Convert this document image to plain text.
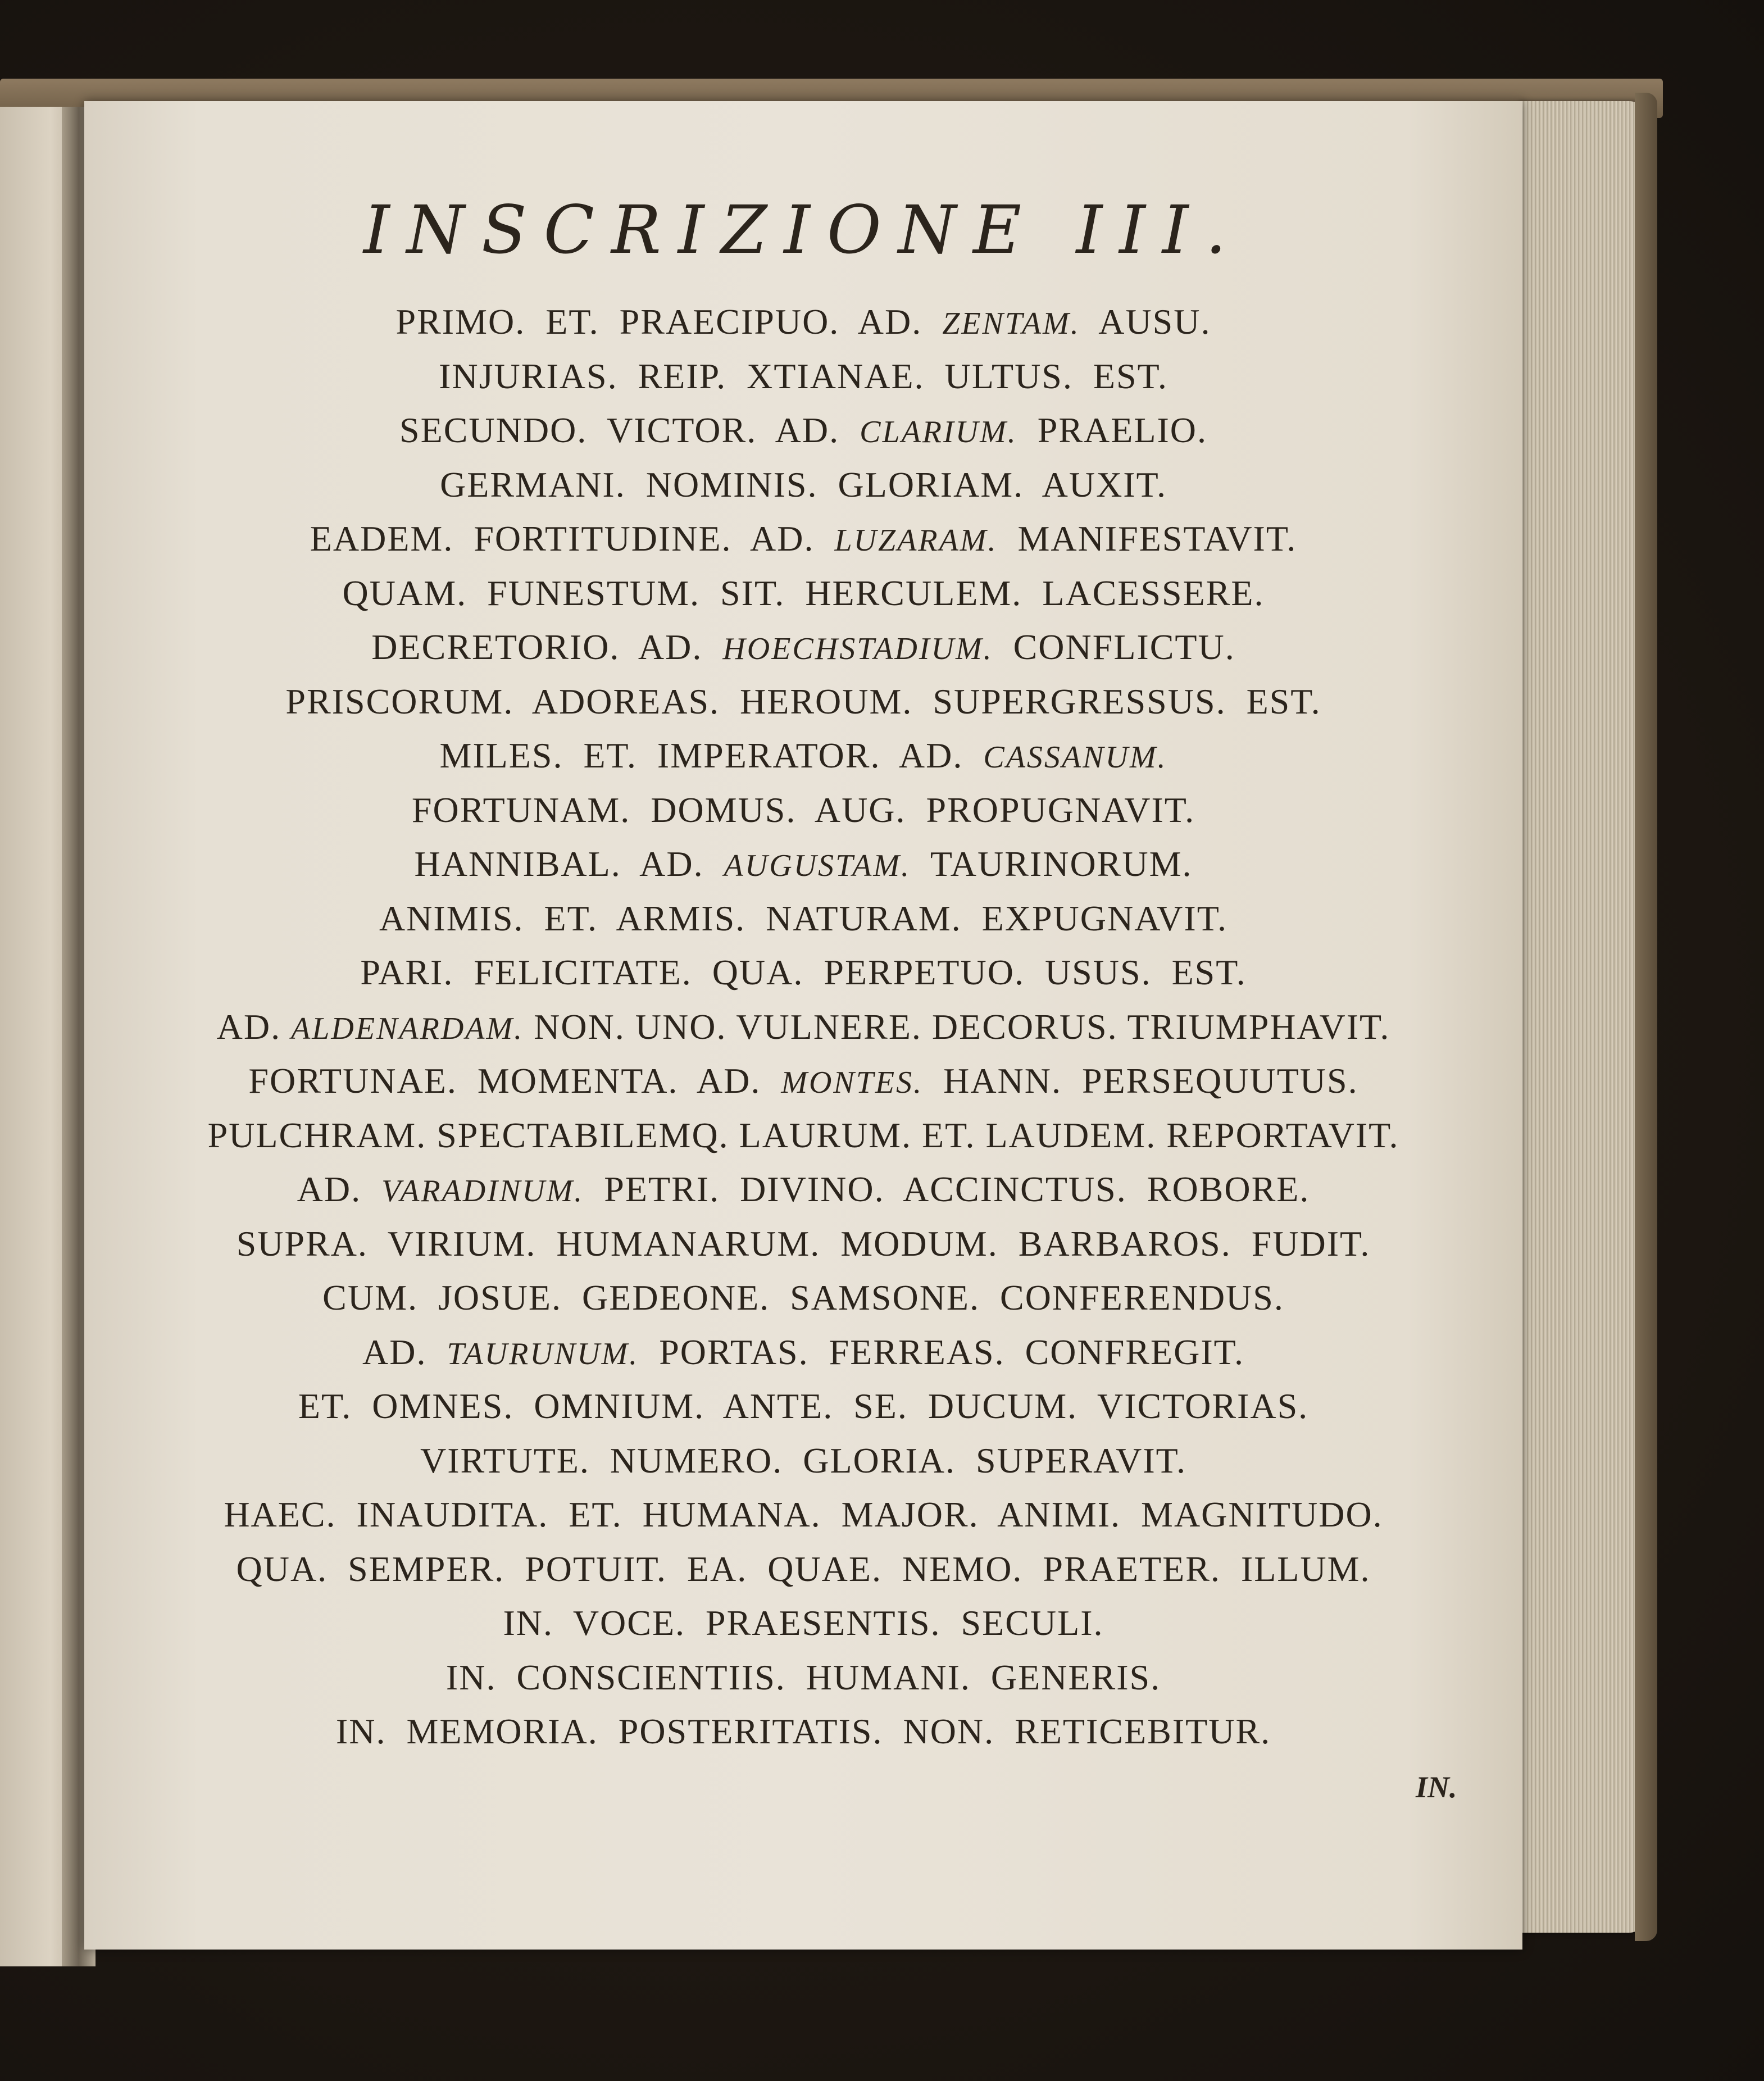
INSCRIZIONE III.
PRIMO.  ET.  PRAECIPUO.  AD.  ZENTAM.  AUSU.
INJURIAS.  REIP.  XTIANAE.  ULTUS.  EST.
SECUNDO.  VICTOR.  AD.  CLARIUM.  PRAELIO.
GERMANI.  NOMINIS.  GLORIAM.  AUXIT.
EADEM.  FORTITUDINE.  AD.  LUZARAM.  MANIFESTAVIT.
QUAM.  FUNESTUM.  SIT.  HERCULEM.  LACESSERE.
DECRETORIO.  AD.  HOECHSTADIUM.  CONFLICTU.
PRISCORUM.  ADOREAS.  HEROUM.  SUPERGRESSUS.  EST.
MILES.  ET.  IMPERATOR.  AD.  CASSANUM.
FORTUNAM.  DOMUS.  AUG.  PROPUGNAVIT.
HANNIBAL.  AD.  AUGUSTAM.  TAURINORUM.
ANIMIS.  ET.  ARMIS.  NATURAM.  EXPUGNAVIT.
PARI.  FELICITATE.  QUA.  PERPETUO.  USUS.  EST.
AD. ALDENARDAM. NON. UNO. VULNERE. DECORUS. TRIUMPHAVIT.
FORTUNAE.  MOMENTA.  AD.  MONTES.  HANN.  PERSEQUUTUS.
PULCHRAM. SPECTABILEMQ. LAURUM. ET. LAUDEM. REPORTAVIT.
AD.  VARADINUM.  PETRI.  DIVINO.  ACCINCTUS.  ROBORE.
SUPRA.  VIRIUM.  HUMANARUM.  MODUM.  BARBAROS.  FUDIT.
CUM.  JOSUE.  GEDEONE.  SAMSONE.  CONFERENDUS.
AD.  TAURUNUM.  PORTAS.  FERREAS.  CONFREGIT.
ET.  OMNES.  OMNIUM.  ANTE.  SE.  DUCUM.  VICTORIAS.
VIRTUTE.  NUMERO.  GLORIA.  SUPERAVIT.
HAEC.  INAUDITA.  ET.  HUMANA.  MAJOR.  ANIMI.  MAGNITUDO.
QUA.  SEMPER.  POTUIT.  EA.  QUAE.  NEMO.  PRAETER.  ILLUM.
IN.  VOCE.  PRAESENTIS.  SECULI.
IN.  CONSCIENTIIS.  HUMANI.  GENERIS.
IN.  MEMORIA.  POSTERITATIS.  NON.  RETICEBITUR.
IN.
